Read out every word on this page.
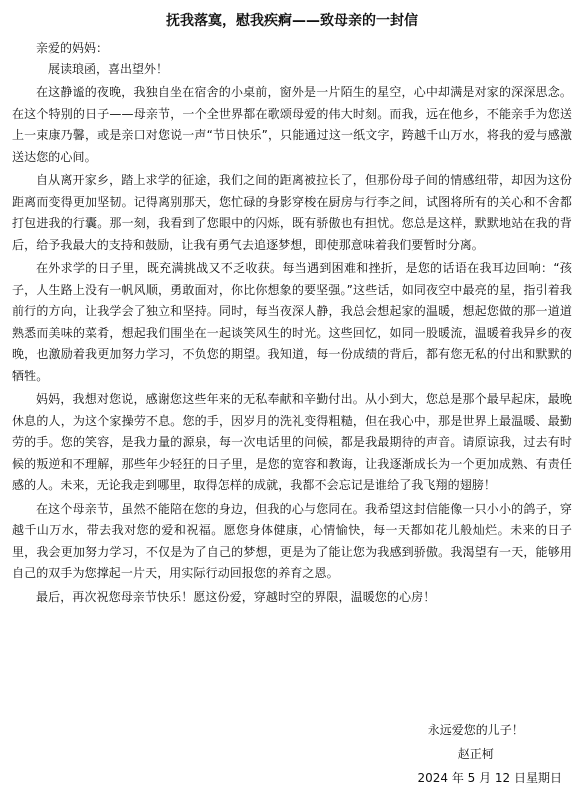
抚我落寞，慰我疾痾——致母亲的一封信
亲爱的妈妈：
展读琅函，喜出望外！

在这静谧的夜晚，我独自坐在宿舍的小桌前，窗外是一片陌生的星空，心中却满是对家的深深思念。在这个特别的日子——母亲节，一个全世界都在歌颂母爱的伟大时刻。而我，远在他乡，不能亲手为您送上一束康乃馨，或是亲口对您说一声“节日快乐”，只能通过这一纸文字，跨越千山万水，将我的爱与感激送达您的心间。

自从离开家乡，踏上求学的征途，我们之间的距离被拉长了，但那份母子间的情感纽带，却因为这份距离而变得更加坚韧。记得离别那天，您忙碌的身影穿梭在厨房与行李之间，试图将所有的关心和不舍都打包进我的行囊。那一刻，我看到了您眼中的闪烁，既有骄傲也有担忧。您总是这样，默默地站在我的背后，给予我最大的支持和鼓励，让我有勇气去追逐梦想，即使那意味着我们要暂时分离。

在外求学的日子里，既充满挑战又不乏收获。每当遇到困难和挫折，是您的话语在我耳边回响：“孩子，人生路上没有一帆风顺，勇敢面对，你比你想象的要坚强。”这些话，如同夜空中最亮的星，指引着我前行的方向，让我学会了独立和坚持。同时，每当夜深人静，我总会想起家的温暖，想起您做的那一道道熟悉而美味的菜肴，想起我们围坐在一起谈笑风生的时光。这些回忆，如同一股暖流，温暖着我异乡的夜晚，也激励着我更加努力学习，不负您的期望。我知道，每一份成绩的背后，都有您无私的付出和默默的牺牲。

妈妈，我想对您说，感谢您这些年来的无私奉献和辛勤付出。从小到大，您总是那个最早起床，最晚休息的人，为这个家操劳不息。您的手，因岁月的洗礼变得粗糙，但在我心中，那是世界上最温暖、最勤劳的手。您的笑容，是我力量的源泉，每一次电话里的问候，都是我最期待的声音。请原谅我，过去有时候的叛逆和不理解，那些年少轻狂的日子里，是您的宽容和教诲，让我逐渐成长为一个更加成熟、有责任感的人。未来，无论我走到哪里，取得怎样的成就，我都不会忘记是谁给了我飞翔的翅膀！

在这个母亲节，虽然不能陪在您的身边，但我的心与您同在。我希望这封信能像一只小小的鸽子，穿越千山万水，带去我对您的爱和祝福。愿您身体健康，心情愉快，每一天都如花儿般灿烂。未来的日子里，我会更加努力学习，不仅是为了自己的梦想，更是为了能让您为我感到骄傲。我渴望有一天，能够用自己的双手为您撑起一片天，用实际行动回报您的养育之恩。

最后，再次祝您母亲节快乐！愿这份爱，穿越时空的界限，温暖您的心房！

永远爱您的儿子！
赵正柯
2024 年 5 月 12 日星期日
